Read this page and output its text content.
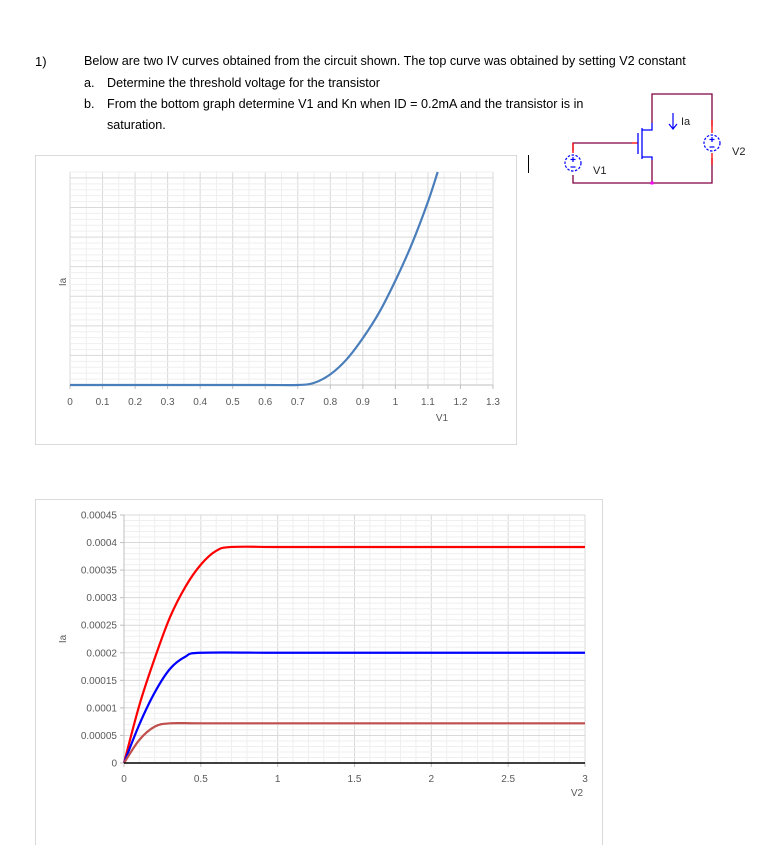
1)	Below are two IV curves obtained from the circuit shown. The top curve was obtained by setting V2 constant
a. Determine the threshold voltage for the transistor
b. From the bottom graph determine V1 and Kn when ID = 0.2mA and the transistor is in
saturation.	Ia
V2
V1
0 0.1 0.2 0.3 0.4 0.5 0.6 0.7 0.8 0.9 1 1.1 1.2 1.3
V1
Ia
0
0.00005
0.0001
0.00015
0.0002
0.00025
0.0003
0.00035
0.0004
0.00045
0	0.5	1	1.5	2	2.5	3
V2
Ia
